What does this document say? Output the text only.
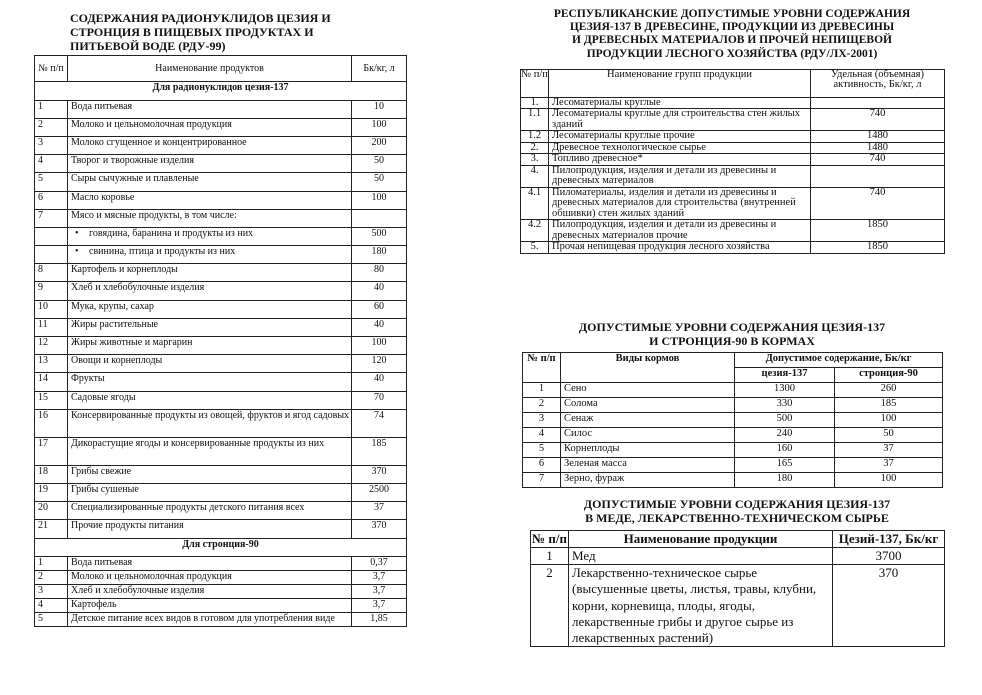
СОДЕРЖАНИЯ РАДИОНУКЛИДОВ ЦЕЗИЯ И
СТРОНЦИЯ В ПИЩЕВЫХ ПРОДУКТАХ И
ПИТЬЕВОЙ ВОДЕ (РДУ-99)
№ п/п	Наименование продуктов	Бк/кг, л
Для радионуклидов цезия-137		
1	Вода питьевая	10
2	Молоко и цельномолочная продукция	100
3	Молоко сгущенное и концентрированное	200
4	Творог и творожные изделия	50
5	Сыры сычужные и плавленые	50
6	Масло коровье	100
7	Мясо и мясные продукты, в том числе:	
	• говядина, баранина и продукты из них	500
	• свинина, птица и продукты из них	180
8	Картофель и корнеплоды	80
9	Хлеб и хлебобулочные изделия	40
10	Мука, крупы, сахар	60
11	Жиры растительные	40
12	Жиры животные и маргарин	100
13	Овощи и корнеплоды	120
14	Фрукты	40
15	Садовые ягоды	70
16	Консервированные продукты из овощей, фруктов и ягод садовых	74
17	Дикорастущие ягоды и консервированные продукты из них	185
18	Грибы свежие	370
19	Грибы сушеные	2500
20	Специализированные продукты детского питания всех	37
21	Прочие продукты питания	370
Для стронция-90		
1	Вода питьевая	0,37
2	Молоко и цельномолочная продукция	3,7
3	Хлеб и хлебобулочные изделия	3,7
4	Картофель	3,7
5	Детское питание всех видов в готовом для употребления виде	1,85
РЕСПУБЛИКАНСКИЕ ДОПУСТИМЫЕ УРОВНИ СОДЕРЖАНИЯ
ЦЕЗИЯ-137 В ДРЕВЕСИНЕ, ПРОДУКЦИИ ИЗ ДРЕВЕСИНЫ
И ДРЕВЕСНЫХ МАТЕРИАЛОВ И ПРОЧЕЙ НЕПИЩЕВОЙ
ПРОДУКЦИИ ЛЕСНОГО ХОЗЯЙСТВА (РДУ/ЛХ-2001)
№ п/п	Наименование групп продукции	Удельная (объемная) активность, Бк/кг, л
1.	Лесоматериалы круглые	
1.1	Лесоматериалы круглые для строительства стен жилых зданий	740
1.2	Лесоматериалы круглые прочие	1480
2.	Древесное технологическое сырье	1480
3.	Топливо древесное*	740
4.	Пилопродукция, изделия и детали из древесины и древесных материалов	
4.1	Пиломатериалы, изделия и детали из древесины и древесных материалов для строительства (внутренней обшивки) стен жилых зданий	740
4.2	Пилопродукция, изделия и детали из древесины и древесных материалов прочие	1850
5.	Прочая непищевая продукция лесного хозяйства	1850
ДОПУСТИМЫЕ УРОВНИ СОДЕРЖАНИЯ ЦЕЗИЯ-137
И СТРОНЦИЯ-90 В КОРМАХ
№ п/п	Виды кормов	Допустимое содержание, Бк/кг	
		цезия-137	стронция-90
1	Сено	1300	260
2	Солома	330	185
3	Сенаж	500	100
4	Силос	240	50
5	Корнеплоды	160	37
6	Зеленая масса	165	37
7	Зерно, фураж	180	100
ДОПУСТИМЫЕ УРОВНИ СОДЕРЖАНИЯ ЦЕЗИЯ-137
В МЕДЕ, ЛЕКАРСТВЕННО-ТЕХНИЧЕСКОМ СЫРЬЕ
№ п/п	Наименование продукции	Цезий-137, Бк/кг
1	Мед	3700
2	Лекарственно-техническое сырье (высушенные цветы, листья, травы, клубни, корни, корневища, плоды, ягоды, лекарственные грибы и другое сырье из лекарственных растений)	370
